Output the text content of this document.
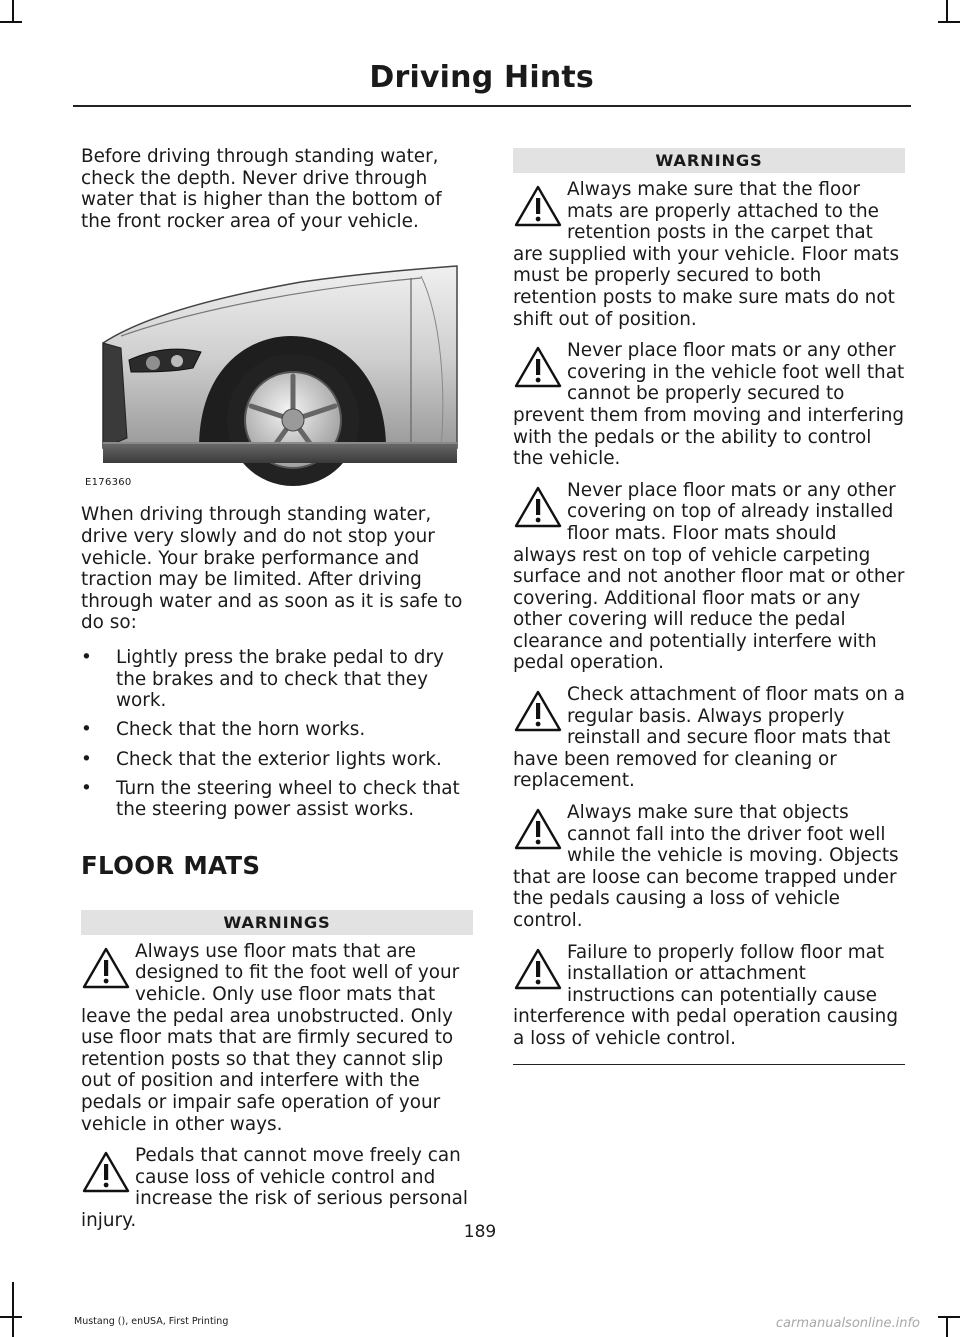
Driving Hints

Before driving through standing water, check the depth. Never drive through water that is higher than the bottom of the front rocker area of your vehicle.

E176360

When driving through standing water, drive very slowly and do not stop your vehicle. Your brake performance and traction may be limited. After driving through water and as soon as it is safe to do so:

• Lightly press the brake pedal to dry the brakes and to check that they work.
• Check that the horn works.
• Check that the exterior lights work.
• Turn the steering wheel to check that the steering power assist works.
FLOOR MATS
WARNINGS

Always use floor mats that are designed to fit the foot well of your vehicle. Only use floor mats that leave the pedal area unobstructed. Only use floor mats that are firmly secured to retention posts so that they cannot slip out of position and interfere with the pedals or impair safe operation of your vehicle in other ways.

Pedals that cannot move freely can cause loss of vehicle control and increase the risk of serious personal injury.

WARNINGS

Always make sure that the floor mats are properly attached to the retention posts in the carpet that are supplied with your vehicle. Floor mats must be properly secured to both retention posts to make sure mats do not shift out of position.

Never place floor mats or any other covering in the vehicle foot well that cannot be properly secured to prevent them from moving and interfering with the pedals or the ability to control the vehicle.

Never place floor mats or any other covering on top of already installed floor mats. Floor mats should always rest on top of vehicle carpeting surface and not another floor mat or other covering. Additional floor mats or any other covering will reduce the pedal clearance and potentially interfere with pedal operation.

Check attachment of floor mats on a regular basis. Always properly reinstall and secure floor mats that have been removed for cleaning or replacement.

Always make sure that objects cannot fall into the driver foot well while the vehicle is moving. Objects that are loose can become trapped under the pedals causing a loss of vehicle control.

Failure to properly follow floor mat installation or attachment instructions can potentially cause interference with pedal operation causing a loss of vehicle control.

189
Mustang (), enUSA, First Printing	carmanualsonline.info
